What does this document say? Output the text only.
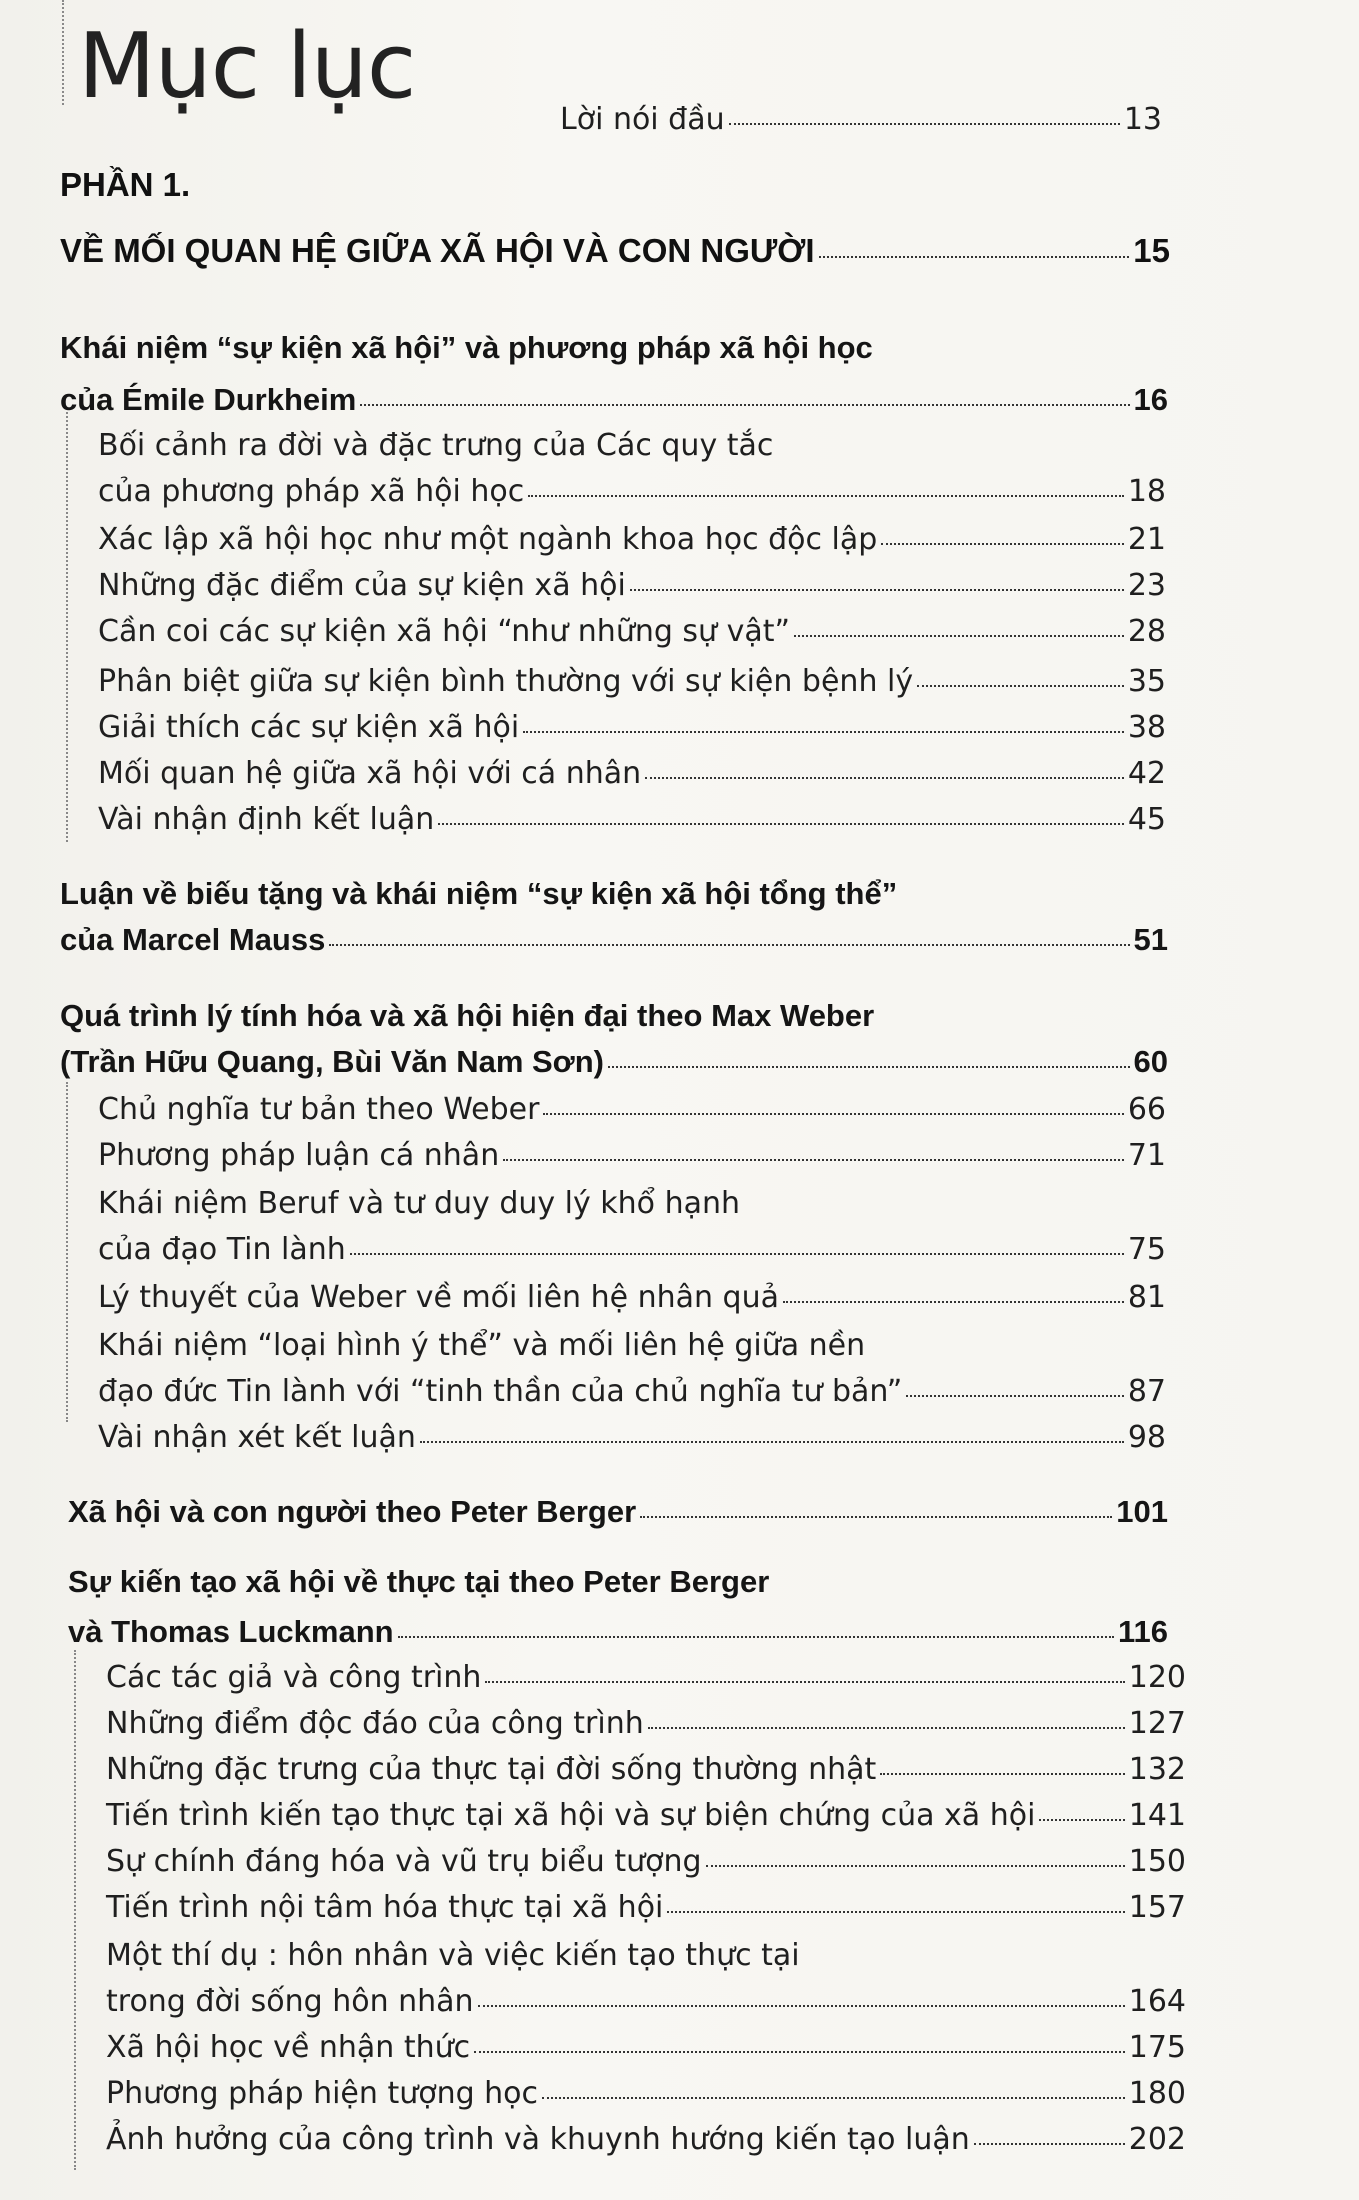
Mục lục
Lời nói đầu	13
PHẦN 1.
VỀ MỐI QUAN HỆ GIỮA XÃ HỘI VÀ CON NGƯỜI	15
Khái niệm “sự kiện xã hội” và phương pháp xã hội học
của Émile Durkheim	16
Bối cảnh ra đời và đặc trưng của Các quy tắc
của phương pháp xã hội học	18
Xác lập xã hội học như một ngành khoa học độc lập	21
Những đặc điểm của sự kiện xã hội	23
Cần coi các sự kiện xã hội “như những sự vật”	28
Phân biệt giữa sự kiện bình thường với sự kiện bệnh lý	35
Giải thích các sự kiện xã hội	38
Mối quan hệ giữa xã hội với cá nhân	42
Vài nhận định kết luận	45
Luận về biếu tặng và khái niệm “sự kiện xã hội tổng thể”
của Marcel Mauss	51
Quá trình lý tính hóa và xã hội hiện đại theo Max Weber
(Trần Hữu Quang, Bùi Văn Nam Sơn)	60
Chủ nghĩa tư bản theo Weber	66
Phương pháp luận cá nhân	71
Khái niệm Beruf và tư duy duy lý khổ hạnh
của đạo Tin lành	75
Lý thuyết của Weber về mối liên hệ nhân quả	81
Khái niệm “loại hình ý thể” và mối liên hệ giữa nền
đạo đức Tin lành với “tinh thần của chủ nghĩa tư bản”	87
Vài nhận xét kết luận	98
Xã hội và con người theo Peter Berger	101
Sự kiến tạo xã hội về thực tại theo Peter Berger
và Thomas Luckmann	116
Các tác giả và công trình	120
Những điểm độc đáo của công trình	127
Những đặc trưng của thực tại đời sống thường nhật	132
Tiến trình kiến tạo thực tại xã hội và sự biện chứng của xã hội	141
Sự chính đáng hóa và vũ trụ biểu tượng	150
Tiến trình nội tâm hóa thực tại xã hội	157
Một thí dụ : hôn nhân và việc kiến tạo thực tại
trong đời sống hôn nhân	164
Xã hội học về nhận thức	175
Phương pháp hiện tượng học	180
Ảnh hưởng của công trình và khuynh hướng kiến tạo luận	202
